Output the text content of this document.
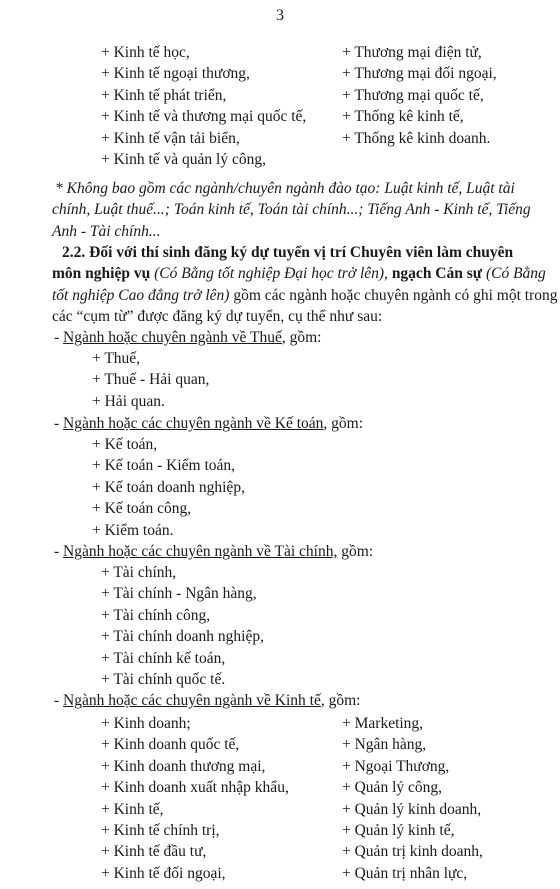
3
+ Kinh tế học,
+ Kinh tế ngoại thương,
+ Kinh tế phát triển,
+ Kinh tế và thương mại quốc tế,
+ Kinh tế vận tải biển,
+ Kinh tế và quản lý công,
+ Thương mại điện tử,
+ Thương mại đối ngoại,
+ Thương mại quốc tế,
+ Thống kê kinh tế,
+ Thống kê kinh doanh.
* Không bao gồm các ngành/chuyên ngành đào tạo: Luật kinh tế, Luật tài
chính, Luật thuế...; Toán kinh tế, Toán tài chính...; Tiếng Anh - Kinh tế, Tiếng
Anh - Tài chính...
2.2. Đối với thí sinh đăng ký dự tuyển vị trí Chuyên viên làm chuyên
môn nghiệp vụ (Có Bằng tốt nghiệp Đại học trở lên), ngạch Cán sự (Có Bằng
tốt nghiệp Cao đẳng trở lên) gồm các ngành hoặc chuyên ngành có ghi một trong
các “cụm từ” được đăng ký dự tuyển, cụ thể như sau:
- Ngành hoặc chuyên ngành về Thuế, gồm:
+ Thuế,
+ Thuế - Hải quan,
+ Hải quan.
- Ngành hoặc các chuyên ngành về Kế toán, gồm:
+ Kế toán,
+ Kế toán - Kiểm toán,
+ Kế toán doanh nghiệp,
+ Kế toán công,
+ Kiểm toán.
- Ngành hoặc các chuyên ngành về Tài chính, gồm:
+ Tài chính,
+ Tài chính - Ngân hàng,
+ Tài chính công,
+ Tài chính doanh nghiệp,
+ Tài chính kế toán,
+ Tài chính quốc tế.
- Ngành hoặc các chuyên ngành về Kinh tế, gồm:
+ Kinh doanh;
+ Kinh doanh quốc tế,
+ Kinh doanh thương mại,
+ Kinh doanh xuất nhập khẩu,
+ Kinh tế,
+ Kinh tế chính trị,
+ Kinh tế đầu tư,
+ Kinh tế đối ngoại,
+ Marketing,
+ Ngân hàng,
+ Ngoại Thương,
+ Quản lý công,
+ Quản lý kinh doanh,
+ Quản lý kinh tế,
+ Quản trị kinh doanh,
+ Quản trị nhân lực,
